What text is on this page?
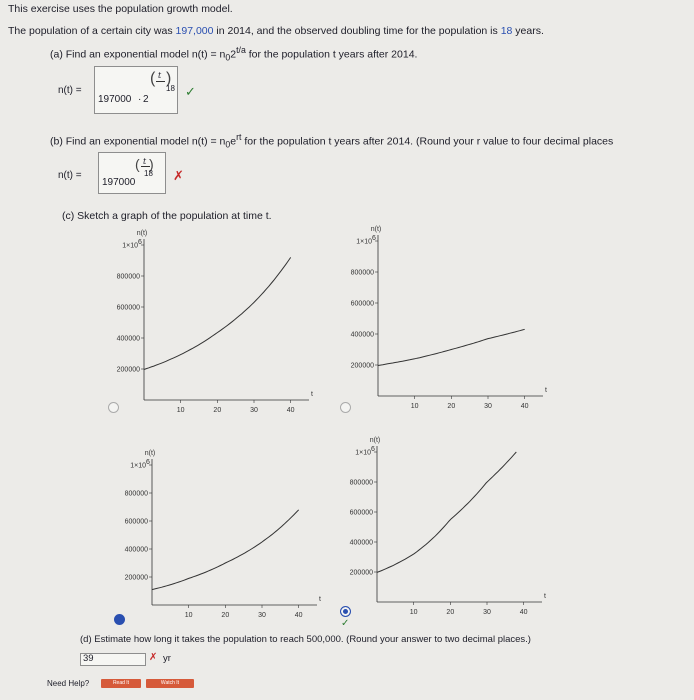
This exercise uses the population growth model.
The population of a certain city was 197,000 in 2014, and the observed doubling time for the population is 18 years.
(a) Find an exponential model $n(t) = n_02^{t/a}$ for the population t years after 2014.
n(t) =
197000 · 2
( t )
18 ✓
(b) Find an exponential model $n(t) = n_0e^{rt}$ for the population t years after 2014. (Round your r value to four decimal places
n(t) =
197000
( t )
18 ✗
(c) Sketch a graph of the population at time t.
n(t)
t
200000
400000
600000
800000
1×10 6
10	20	30	40
n(t)
t
200000
400000
600000
800000
1×10 6
10	20	30	40
n(t)
t
200000
400000
600000
800000
1×10 6
10	20	30	40
n(t)
t
200000
400000
600000
800000
1×10 6
10	20	30	40
✓
(d) Estimate how long it takes the population to reach 500,000. (Round your answer to two decimal places.)
39	✗ yr
Need Help?	Read It	Watch It
